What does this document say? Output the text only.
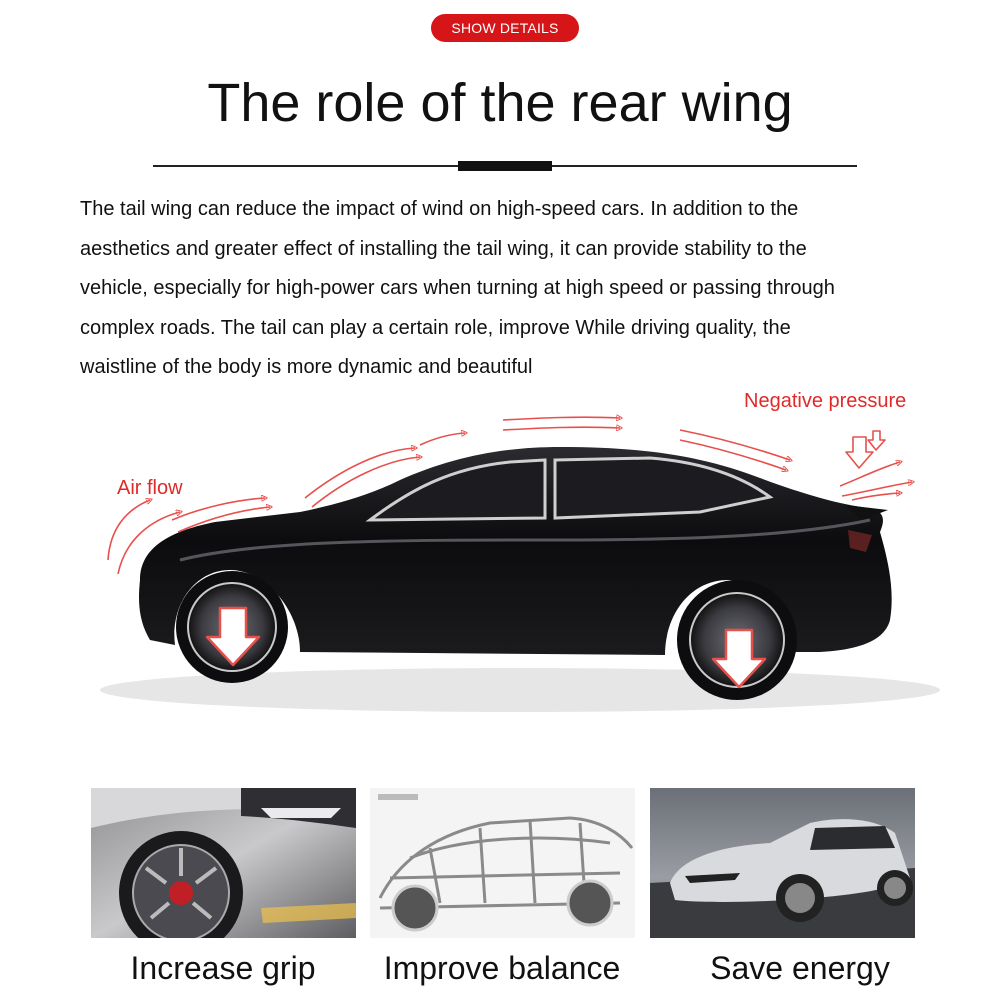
SHOW DETAILS
The role of the rear wing

The tail wing can reduce the impact of wind on high-speed cars. In addition to the
aesthetics and greater effect of installing the tail wing, it can provide stability to the
vehicle, especially for high-power cars when turning at high speed or passing through
complex roads. The tail can play a certain role, improve While driving quality, the
waistline of the body is more dynamic and beautiful

Air flow
Negative pressure
Increase grip	Improve balance	Save energy
